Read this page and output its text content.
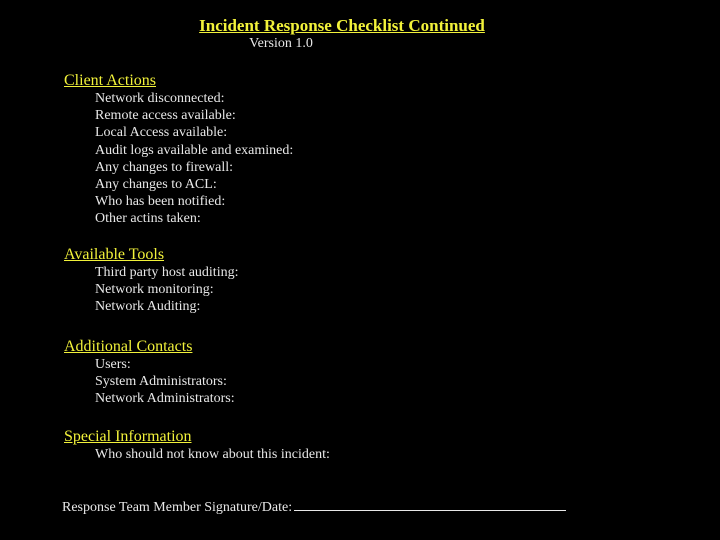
Incident Response Checklist Continued
Version 1.0
Client Actions
Network disconnected:
Remote access available:
Local Access available:
Audit logs available and examined:
Any changes to firewall:
Any changes to ACL:
Who has been notified:
Other actins taken:
Available Tools
Third party host auditing:
Network monitoring:
Network Auditing:
Additional Contacts
Users:
System Administrators:
Network Administrators:
Special Information
Who should not know about this incident:
Response Team Member Signature/Date:
